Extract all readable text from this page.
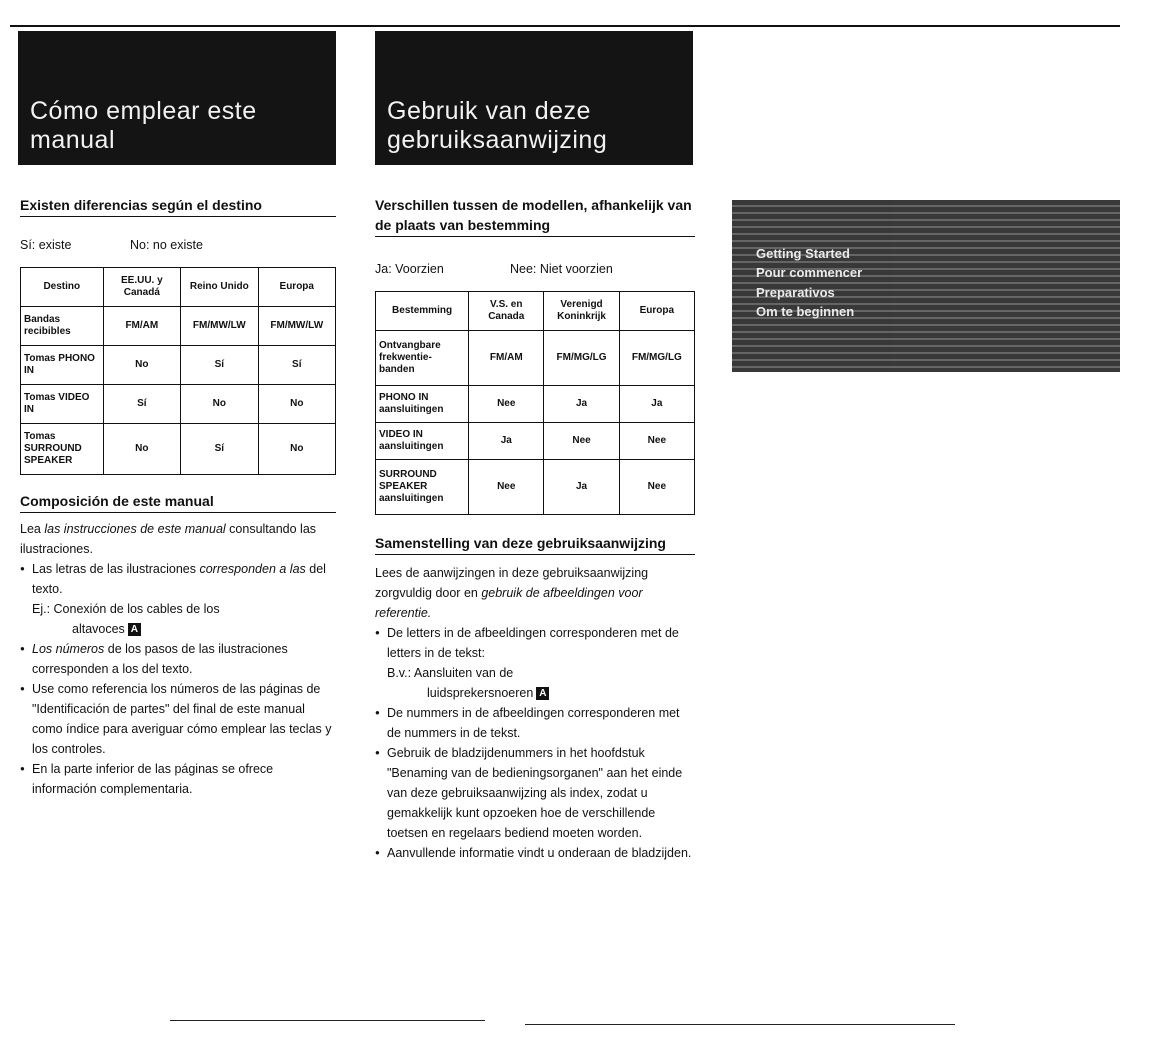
Cómo emplear este manual
Gebruik van deze gebruiksaanwijzing
Existen diferencias según el destino
Sí: existe	No: no existe
Destino	EE.UU. y Canadá	Reino Unido	Europa
Bandas recibibles	FM/AM	FM/MW/LW	FM/MW/LW
Tomas PHONO IN	No	Sí	Sí
Tomas VIDEO IN	Sí	No	No
Tomas SURROUND SPEAKER	No	Sí	No
Composición de este manual

Lea las instrucciones de este manual consultando las ilustraciones.

● Las letras de las ilustraciones corresponden a las del texto.
Ej.: Conexión de los cables de los
altavoces A
● Los números de los pasos de las ilustraciones corresponden a los del texto.
● Use como referencia los números de las páginas de "Identificación de partes" del final de este manual como índice para averiguar cómo emplear las teclas y los controles.
● En la parte inferior de las páginas se ofrece información complementaria.
Verschillen tussen de modellen, afhankelijk van de plaats van bestemming
Ja: Voorzien	Nee: Niet voorzien
Bestemming	V.S. en Canada	Verenigd Koninkrijk	Europa
Ontvangbare frekwentie-banden	FM/AM	FM/MG/LG	FM/MG/LG
PHONO IN aansluitingen	Nee	Ja	Ja
VIDEO IN aansluitingen	Ja	Nee	Nee
SURROUND SPEAKER aansluitingen	Nee	Ja	Nee
Samenstelling van deze gebruiksaanwijzing

Lees de aanwijzingen in deze gebruiksaanwijzing zorgvuldig door en gebruik de afbeeldingen voor referentie.

● De letters in de afbeeldingen corresponderen met de letters in de tekst:
B.v.: Aansluiten van de
luidsprekersnoeren A
● De nummers in de afbeeldingen corresponderen met de nummers in de tekst.
● Gebruik de bladzijdenummers in het hoofdstuk "Benaming van de bedieningsorganen" aan het einde van deze gebruiksaanwijzing als index, zodat u gemakkelijk kunt opzoeken hoe de verschillende toetsen en regelaars bediend moeten worden.
● Aanvullende informatie vindt u onderaan de bladzijden.
Getting Started
Pour commencer
Preparativos
Om te beginnen
